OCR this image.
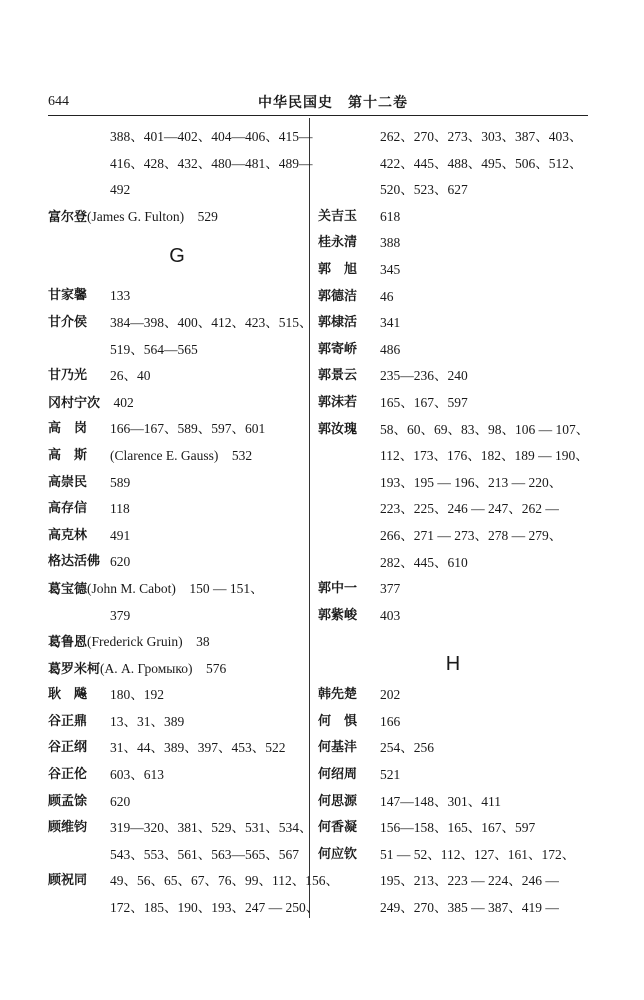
644	中华民国史　第十二卷
388、401—402、404—406、415—
416、428、432、480—481、489—
492
富尔登(James G. Fulton)　529
G
甘家馨 133
甘介侯 384—398、400、412、423、515、
519、564—565
甘乃光 26、40
冈村宁次　402
高　岗 166—167、589、597、601
高　斯 (Clarence E. Gauss)　532
高崇民 589
高存信 118
高克林 491
格达活佛 620
葛宝德(John M. Cabot)　150 — 151、
379
葛鲁恩(Frederick Gruin)　38
葛罗米柯(А. А. Громыко)　576
耿　飚 180、192
谷正鼎 13、31、389
谷正纲 31、44、389、397、453、522
谷正伦 603、613
顾孟馀 620
顾维钧 319—320、381、529、531、534、
543、553、561、563—565、567
顾祝同 49、56、65、67、76、99、112、156、
172、185、190、193、247 — 250、
262、270、273、303、387、403、
422、445、488、495、506、512、
520、523、627
关吉玉 618
桂永清 388
郭　旭 345
郭德洁 46
郭棣活 341
郭寄峤 486
郭景云 235—236、240
郭沫若 165、167、597
郭汝瑰 58、60、69、83、98、106 — 107、
112、173、176、182、189 — 190、
193、195 — 196、213 — 220、
223、225、246 — 247、262 —
266、271 — 273、278 — 279、
282、445、610
郭中一 377
郭紫峻 403
H
韩先楚 202
何　惧 166
何基沣 254、256
何绍周 521
何思源 147—148、301、411
何香凝 156—158、165、167、597
何应钦 51 — 52、112、127、161、172、
195、213、223 — 224、246 —
249、270、385 — 387、419 —
